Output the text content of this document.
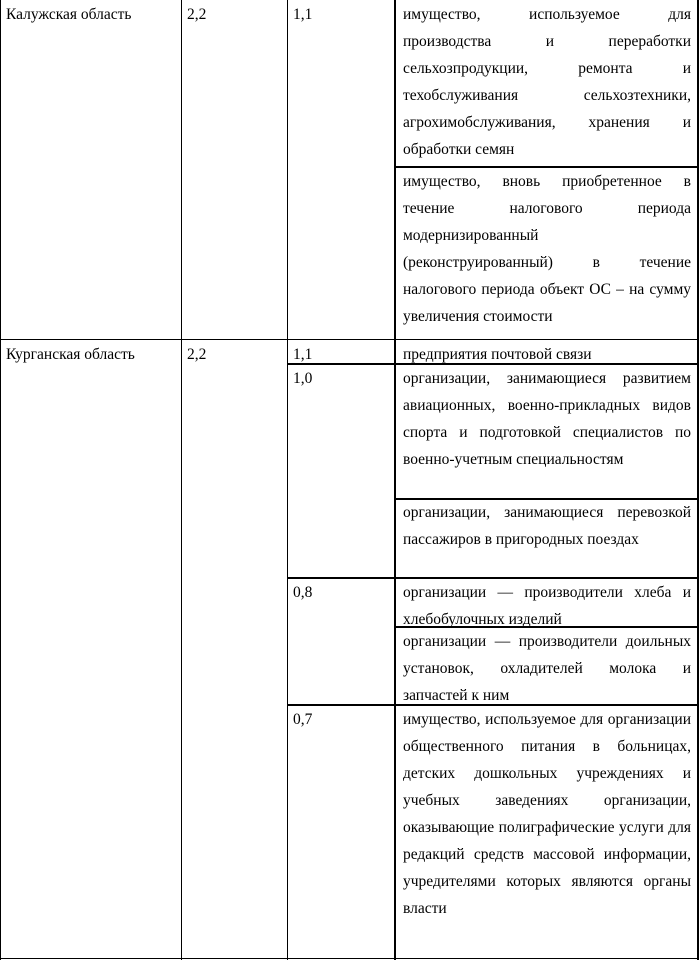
Калужская область	2,2	1,1	имущество, используемое для производства и переработки сельхозпродукции, ремонта и техобслуживания сельхозтехники, агрохимобслуживания, хранения и обработки семян
имущество, вновь приобретенное в течение налогового периода модернизированный (реконструированный) в течение налогового периода объект ОС – на сумму увеличения стоимости
Курганская область	2,2	1,1	предприятия почтовой связи
1,0	организации, занимающиеся развитием авиационных, военно-прикладных видов спорта и подготовкой специалистов по военно-учетным специальностям
организации, занимающиеся перевозкой пассажиров в пригородных поездах
0,8	организации — производители хлеба и хлебобулочных изделий
организации — производители доильных установок, охладителей молока и запчастей к ним
0,7	имущество, используемое для организации общественного питания в больницах, детских дошкольных учреждениях и учебных заведениях организации, оказывающие полиграфические услуги для редакций средств массовой информации, учредителями которых являются органы власти
